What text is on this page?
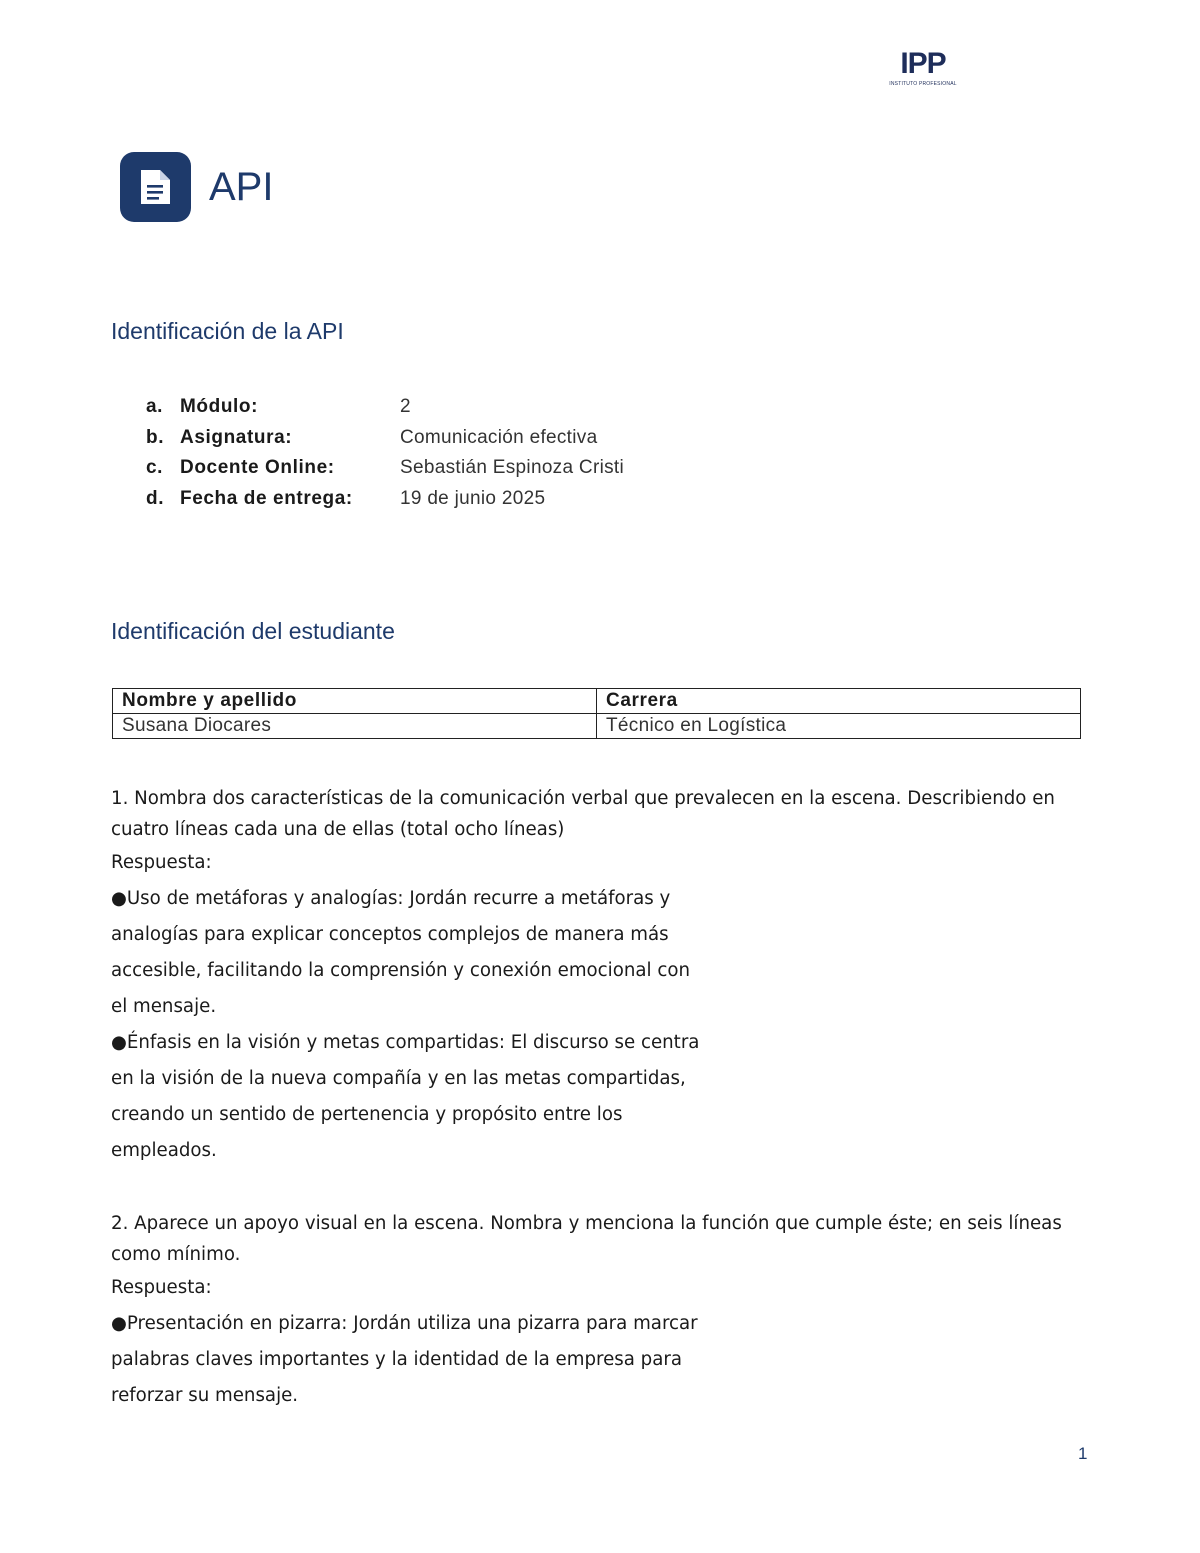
IPP
INSTITUTO PROFESIONAL
API
Identificación de la API
a. Módulo:	2
b. Asignatura:	Comunicación efectiva
c. Docente Online:	Sebastián Espinoza Cristi
d. Fecha de entrega:	19 de junio 2025
Identificación del estudiante
Nombre y apellido	Carrera
Susana Diocares	Técnico en Logística

1. Nombra dos características de la comunicación verbal que prevalecen en la escena. Describiendo en cuatro líneas cada una de ellas (total ocho líneas)

Respuesta:

●Uso de metáforas y analogías: Jordán recurre a metáforas y analogías para explicar conceptos complejos de manera más accesible, facilitando la comprensión y conexión emocional con el mensaje.

●Énfasis en la visión y metas compartidas: El discurso se centra en la visión de la nueva compañía y en las metas compartidas, creando un sentido de pertenencia y propósito entre los empleados.

2. Aparece un apoyo visual en la escena. Nombra y menciona la función que cumple éste; en seis líneas como mínimo.

Respuesta:

●Presentación en pizarra: Jordán utiliza una pizarra para marcar palabras claves importantes y la identidad de la empresa para reforzar su mensaje.

1
